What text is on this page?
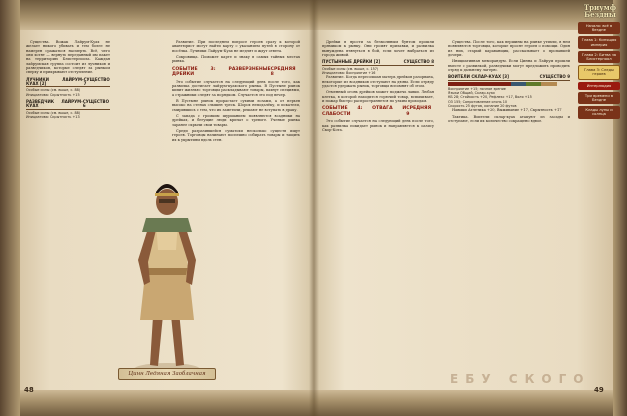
Существа. Вожак Лайрум-Куах не желает никого убивать и тем более не намерен сражаться насмерть. Всё, чего они хотят — вернуть переданный им пакет на территорию Блистерпоола. Каждая лайрумская группа состоит из лучников и разведчиков, которые следят за рынком сверху и прикрывают отступление.

ЛУЧНИКИ ЛАЙРУМ-КУАХ [2]
СУЩЕСТВО 7
Особые силы (см. выше, с. 88)
Инициатива: Скрытность +15
РАЗВЕДЧИК ЛАЙРУМ-КУАХ
СУЩЕСТВО 6
Особые силы (см. выше, с. 88)
Инициатива: Скрытность +13

Развитие. При последнем вопросе героев сразу к которой авантюрист могут найти карту с указанием путей в сторону от посёлка. Лучники Лайрум-Куах не медлят и ждут ответа.

Сокровища. Поможет карте и знаку в самых тайных местах рынка.

СОБЫТИЕ 3: РАЗВЕРЗНЕНЫЕ ДРЕЙКИ
СРЕДНЯЯ 8

Это событие случается на следующий день после того, как развилка достигает лайрум-куахского рынка. В Пустыне рынок кипит жизнью: торговцы раскладывают товары, пахнут специями, а стражники следят за порядком. Случается это под вечер.

В Пустыне рынок прорастает сухими лозами, а от перьев высоко на стенах слышен треск. Шорох неподалёку, и искатели, смирившись с тем, что их заметили, решают не вступать в драку.

С запада с громким шуршанием появляются всадники на дрейках, и бегущие люди кричат о тревоге. Ученые рынка заранее скрыли свои товары.

Среди разразившейся суматохи несколько существ ищут героев. Торговцы начинают поспешно собирать товары и тащить их к укрытиям вдоль стен.

Цинн Ледяная Заоблачная
48

Дрейки в ярости за безмолвным бунтом прошли прямиком к рынку. Они громят прилавки, и развилка вынуждена втянуться в бой, если хочет выбраться из города живой.

ПУСТЫННЫЕ ДРЕЙКИ [2]	СУЩЕСТВО 8
Особые силы (см. выше, с. 157)
Инициатива: Восприятие +16

Развитие. Когда пересохшая матерь дрейков разорвана, некоторые из всадников отступают на дюны. Если отряду удастся удержать рынок, торговцы вспомнят об этом.

Отменный огонь дрейков может поджечь лавки. Любая клетка, в которой находится горючий товар, вспыхивает, и пожар быстро распространяется по узким проходам.

СОБЫТИЕ 4: ОТВАГА И СЛАБОСТИ
СРЕДНЯЯ 9

Это событие случается на следующий день после того, как развилка покидает рынок и направляется к оазису Скор-Кота.

Существа. После того, как вершины на рынке утихли, в нем появляются торговцы, которые просят героев о помощи. Один из них, старый караванщик, рассказывает о пропавшей дочери.

Инициативная меморандум. Если Цинна и Лайрум прошли вместе с развилкой, разведчики могут предложить проводить отряд к дальнему лагерю.

ВОИТЕЛИ СКЛАР-КУАХ [3]	СУЩЕСТВО 9
Восприятие +15; ночное зрение
Языки Общий, Склар-куах
КБ 28; Стойкость +20, Рефлекс +17, Воля +15
ОЗ 155; Сопротивление огонь 10
Скорость 25 футов, копание 20 футов

Навыки Атлетика +20, Выживание +17, Скрытность +17

Тактика. Воители склар-куах атакуют из засады и отступают, если их количество сокращено вдвое.

ЕБУ СКОГО
49
Триумф
Бездны
Начало: всё в бездне
Глава 1: Кипящая империя
Глава 2: Битва за Блистерпоол
Глава 3: Следы героев
Интерлюдия
Три времени в Бездне
Клады луны и солнца
